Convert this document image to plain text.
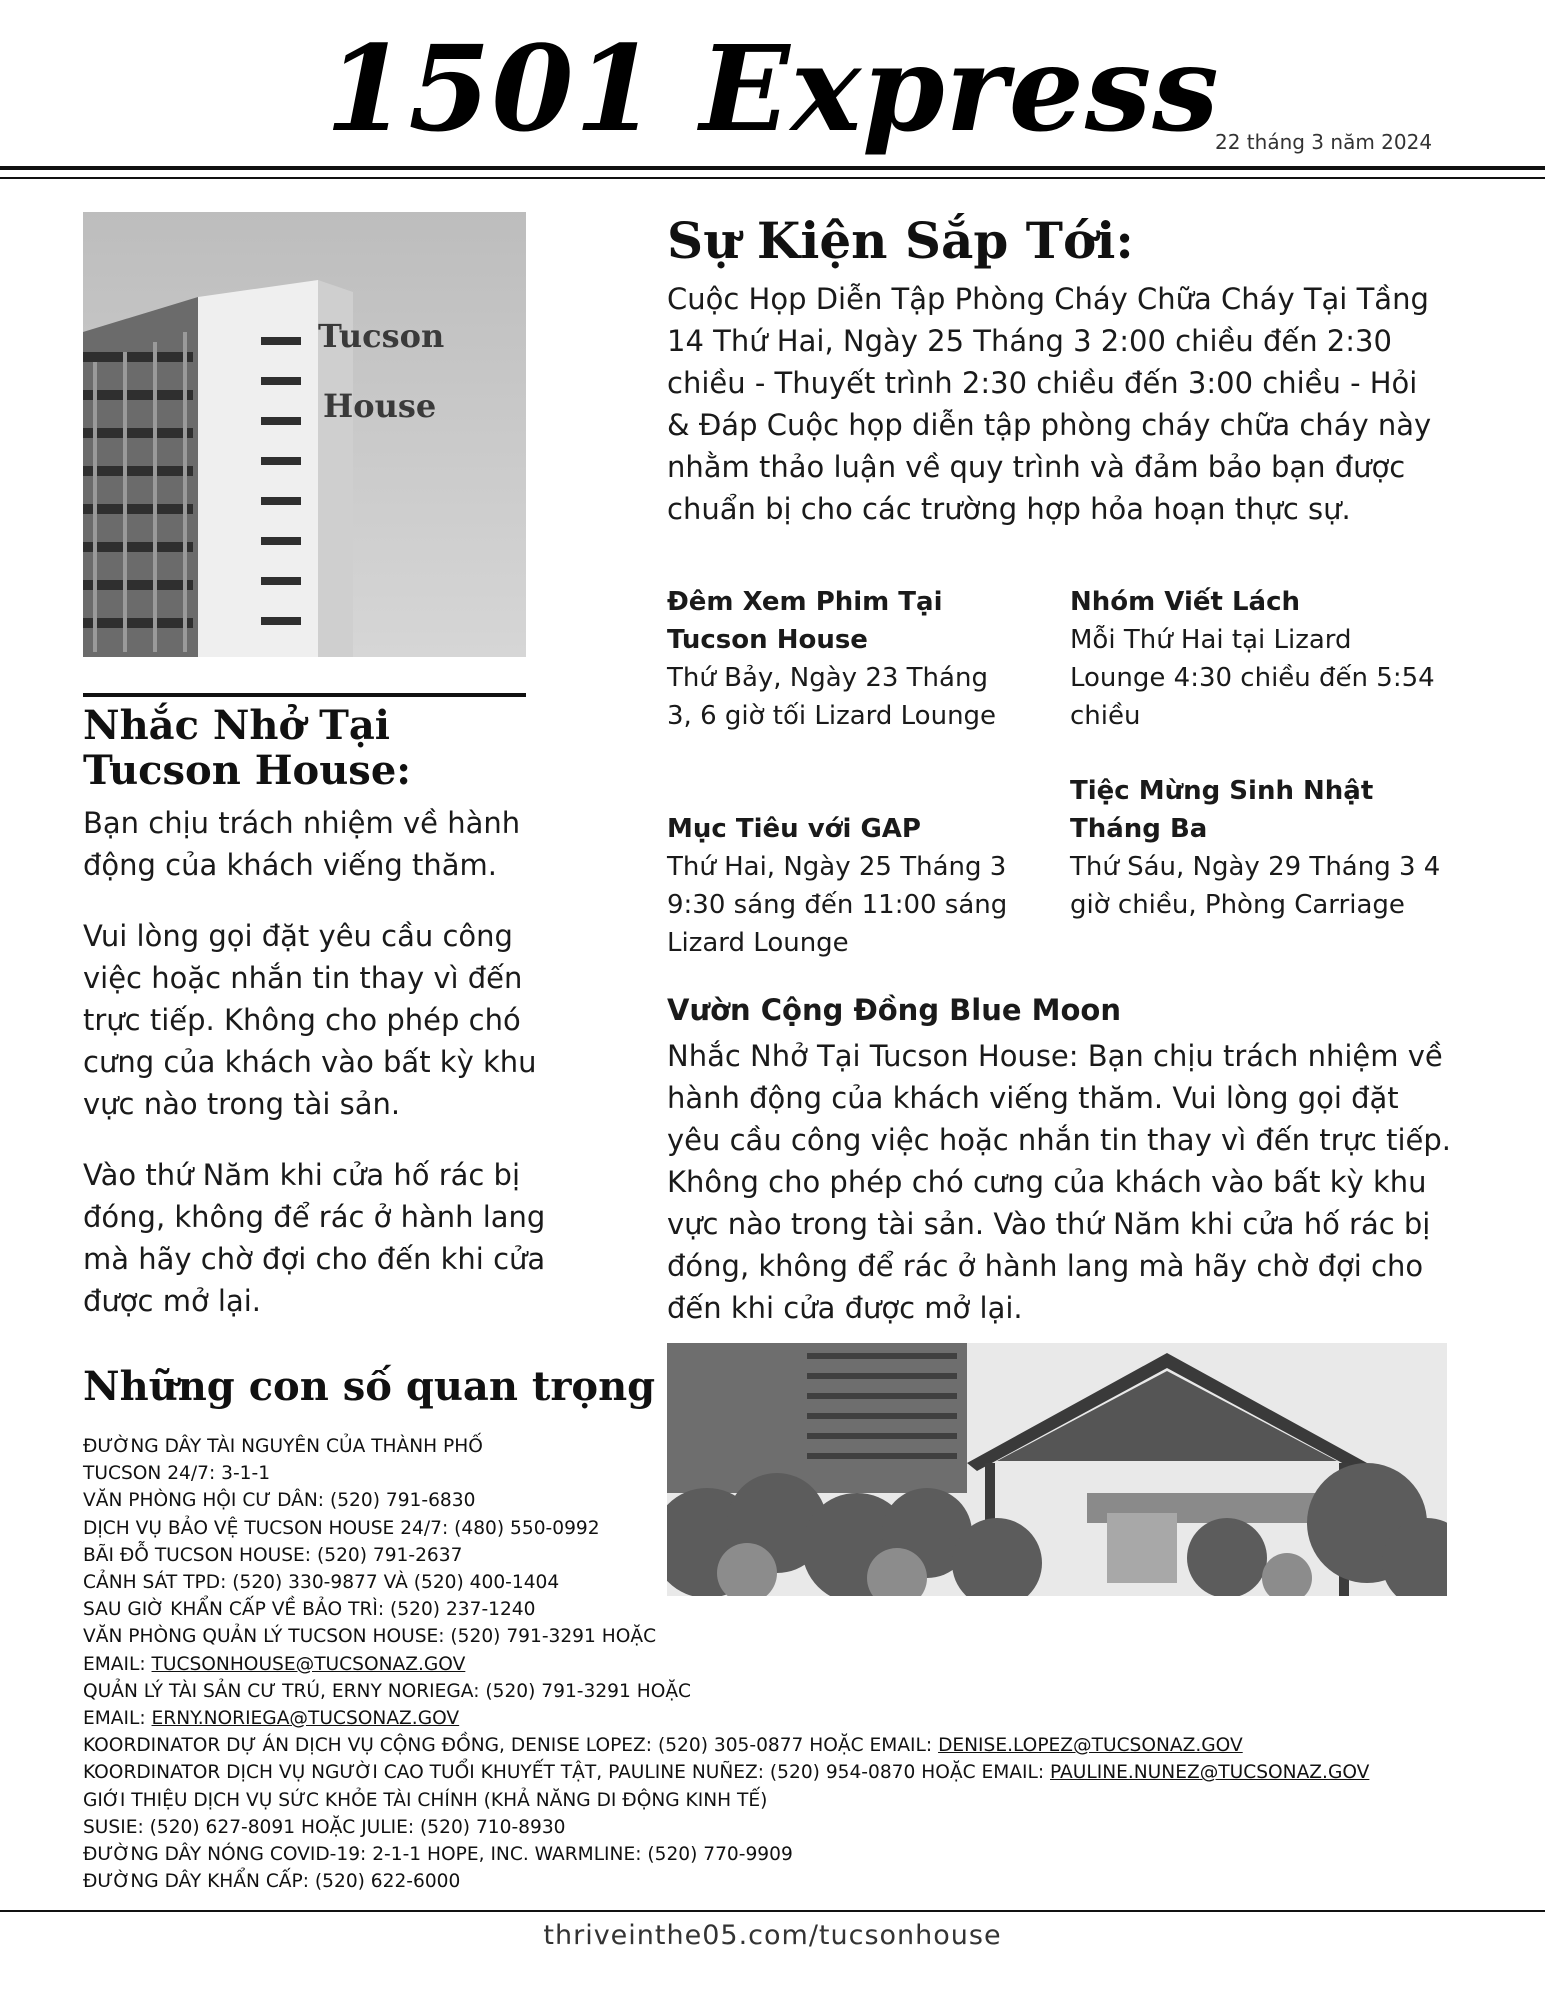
1501 Express
22 tháng 3 năm 2024
Tucson
House
Nhắc Nhở Tại Tucson House:
Bạn chịu trách nhiệm về hành động của khách viếng thăm.
Vui lòng gọi đặt yêu cầu công việc hoặc nhắn tin thay vì đến trực tiếp. Không cho phép chó cưng của khách vào bất kỳ khu vực nào trong tài sản.
Vào thứ Năm khi cửa hố rác bị đóng, không để rác ở hành lang mà hãy chờ đợi cho đến khi cửa được mở lại.
Sự Kiện Sắp Tới:
Cuộc Họp Diễn Tập Phòng Cháy Chữa Cháy Tại Tầng 14 Thứ Hai, Ngày 25 Tháng 3 2:00 chiều đến 2:30 chiều - Thuyết trình 2:30 chiều đến 3:00 chiều - Hỏi & Đáp Cuộc họp diễn tập phòng cháy chữa cháy này nhằm thảo luận về quy trình và đảm bảo bạn được chuẩn bị cho các trường hợp hỏa hoạn thực sự.
Đêm Xem Phim Tại Tucson House
Thứ Bảy, Ngày 23 Tháng 3, 6 giờ tối Lizard Lounge
Mục Tiêu với GAP
Thứ Hai, Ngày 25 Tháng 3 9:30 sáng đến 11:00 sáng Lizard Lounge
Nhóm Viết Lách
Mỗi Thứ Hai tại Lizard Lounge 4:30 chiều đến 5:54 chiều
Tiệc Mừng Sinh Nhật Tháng Ba
Thứ Sáu, Ngày 29 Tháng 3 4 giờ chiều, Phòng Carriage
Vườn Cộng Đồng Blue Moon
Nhắc Nhở Tại Tucson House: Bạn chịu trách nhiệm về hành động của khách viếng thăm. Vui lòng gọi đặt yêu cầu công việc hoặc nhắn tin thay vì đến trực tiếp. Không cho phép chó cưng của khách vào bất kỳ khu vực nào trong tài sản. Vào thứ Năm khi cửa hố rác bị đóng, không để rác ở hành lang mà hãy chờ đợi cho đến khi cửa được mở lại.
Những con số quan trọng
ĐƯỜNG DÂY TÀI NGUYÊN CỦA THÀNH PHỐ
TUCSON 24/7: 3-1-1
VĂN PHÒNG HỘI CƯ DÂN: (520) 791-6830
DỊCH VỤ BẢO VỆ TUCSON HOUSE 24/7: (480) 550-0992
BÃI ĐỖ TUCSON HOUSE: (520) 791-2637
CẢNH SÁT TPD: (520) 330-9877 VÀ (520) 400-1404
SAU GIỜ KHẨN CẤP VỀ BẢO TRÌ: (520) 237-1240
VĂN PHÒNG QUẢN LÝ TUCSON HOUSE: (520) 791-3291 HOẶC
EMAIL: TUCSONHOUSE@TUCSONAZ.GOV
QUẢN LÝ TÀI SẢN CƯ TRÚ, ERNY NORIEGA: (520) 791-3291 HOẶC
EMAIL: ERNY.NORIEGA@TUCSONAZ.GOV
KOORDINATOR DỰ ÁN DỊCH VỤ CỘNG ĐỒNG, DENISE LOPEZ: (520) 305-0877 HOẶC EMAIL: DENISE.LOPEZ@TUCSONAZ.GOV
KOORDINATOR DỊCH VỤ NGƯỜI CAO TUỔI KHUYẾT TẬT, PAULINE NUÑEZ: (520) 954-0870 HOẶC EMAIL: PAULINE.NUNEZ@TUCSONAZ.GOV
GIỚI THIỆU DỊCH VỤ SỨC KHỎE TÀI CHÍNH (KHẢ NĂNG DI ĐỘNG KINH TẾ)
SUSIE: (520) 627-8091 HOẶC JULIE: (520) 710-8930
ĐƯỜNG DÂY NÓNG COVID-19: 2-1-1 HOPE, INC. WARMLINE: (520) 770-9909
ĐƯỜNG DÂY KHẨN CẤP: (520) 622-6000
thriveinthe05.com/tucsonhouse
